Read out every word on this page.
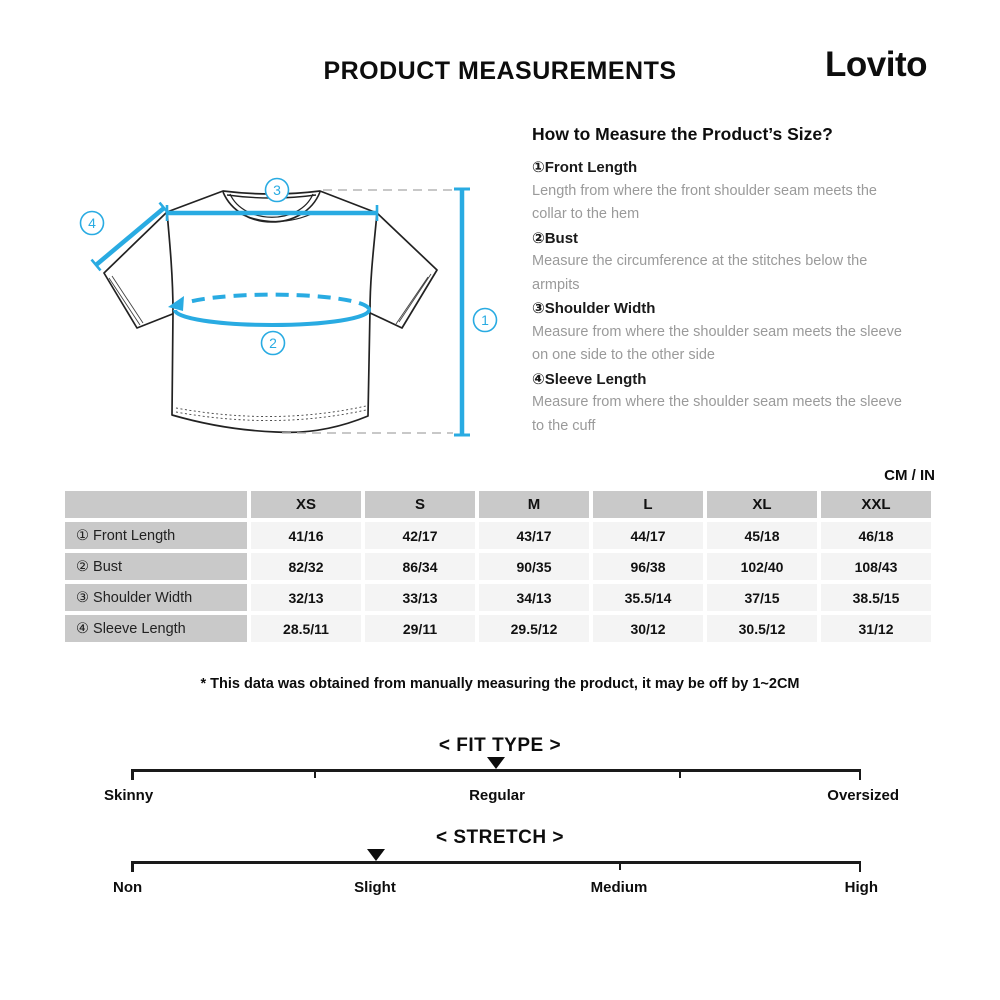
PRODUCT MEASUREMENTS	Lovito
3
4
2
1
How to Measure the Product’s Size?
①Front Length
Length from where the front shoulder seam meets the collar to the hem
②Bust
Measure the circumference at the stitches below the armpits
③Shoulder Width
Measure from where the shoulder seam meets the sleeve on one side to the other side
④Sleeve Length
Measure from where the shoulder seam meets the sleeve to the cuff
CM / IN
	XS	S	M	L	XL	XXL
① Front Length	41/16	42/17	43/17	44/17	45/18	46/18
② Bust	82/32	86/34	90/35	96/38	102/40	108/43
③ Shoulder Width	32/13	33/13	34/13	35.5/14	37/15	38.5/15
④ Sleeve Length	28.5/11	29/11	29.5/12	30/12	30.5/12	31/12
* This data was obtained from manually measuring the product, it may be off by 1~2CM
< FIT TYPE >
Skinny	Regular	Oversized
< STRETCH >
Non	Slight	Medium	High
